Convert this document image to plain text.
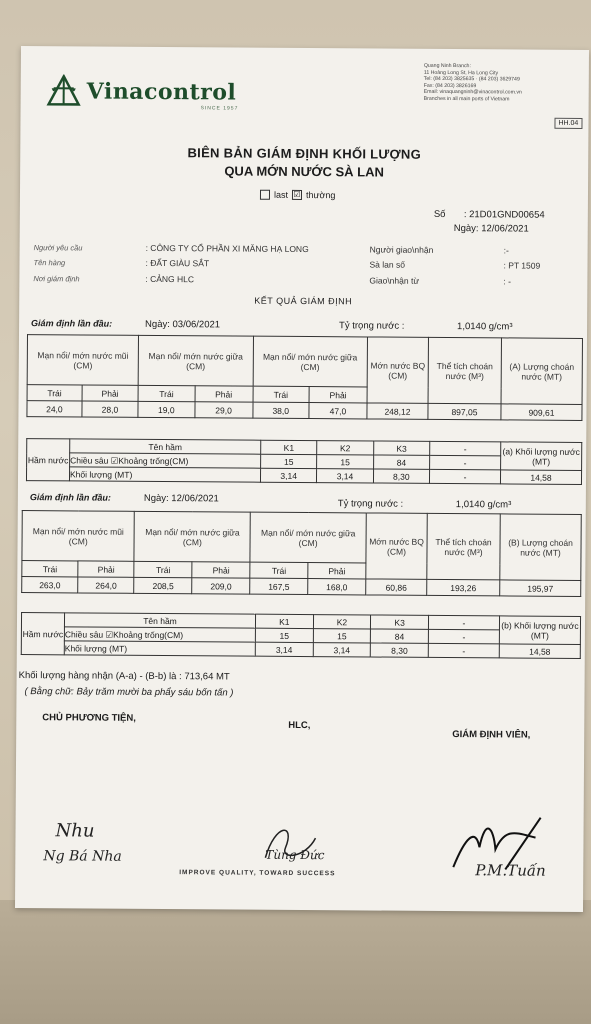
Vinacontrol
SINCE 1957
Quang Ninh Branch:
11 Hoàng Long St, Hạ Long City
Tel: (84 203) 3825635 · (84 203) 3629749
Fax: (84 203) 3826169
Email: vinaquangninh@vinacontrol.com.vn
Branches in all main ports of Vietnam
HH.04
BIÊN BẢN GIÁM ĐỊNH KHỐI LƯỢNG
QUA MỚN NƯỚC SÀ LAN
last ☑ thường
Số : 21D01GND00654
Ngày: 12/06/2021
Người yêu cầu	: CÔNG TY CỔ PHẦN XI MĂNG HẠ LONG	Người giao\nhận	:-
Tên hàng	: ĐẤT GIÀU SẮT	Sà lan số	: PT 1509
Nơi giám định	: CẢNG HLC	Giao\nhận từ	: -
KẾT QUẢ GIÁM ĐỊNH
Giám định lần đầu:	Ngày: 03/06/2021	Tỷ trọng nước :	1,0140 g/cm³
Mạn nổi/ mớn nước mũi (CM)		Mạn nổi/ mớn nước giữa (CM)		Mạn nổi/ mớn nước giữa (CM)		Mớn nước BQ (CM)	Thể tích choán nước (M³)	(A) Lượng choán nước (MT)
Trái	Phải	Trái	Phải	Trái	Phải			
24,0	28,0	19,0	29,0	38,0	47,0	248,12	897,05	909,61
Hầm nước	Tên hầm	K1	K2	K3	-	(a) Khối lượng nước (MT)
	Chiều sâu ☑Khoảng trống(CM)	15	15	84	-	
	Khối lượng (MT)	3,14	3,14	8,30	-	14,58
Giám định lần đầu:	Ngày: 12/06/2021	Tỷ trọng nước :	1,0140 g/cm³
Mạn nổi/ mớn nước mũi (CM)		Mạn nổi/ mớn nước giữa (CM)		Mạn nổi/ mớn nước giữa (CM)		Mớn nước BQ (CM)	Thể tích choán nước (M³)	(B) Lượng choán nước (MT)
Trái	Phải	Trái	Phải	Trái	Phải			
263,0	264,0	208,5	209,0	167,5	168,0	60,86	193,26	195,97
Hầm nước	Tên hầm	K1	K2	K3	-	(b) Khối lượng nước (MT)
	Chiều sâu ☑Khoảng trống(CM)	15	15	84	-	
	Khối lượng (MT)	3,14	3,14	8,30	-	14,58
Khối lượng hàng nhận (A-a) - (B-b) là : 713,64 MT
( Bằng chữ: Bảy trăm mười ba phẩy sáu bốn tấn )
CHỦ PHƯƠNG TIỆN,
HLC,
GIÁM ĐỊNH VIÊN,
Nhu
Ng Bá Nha	Tùng Đức
IMPROVE QUALITY, TOWARD SUCCESS	P.M.Tuấn
